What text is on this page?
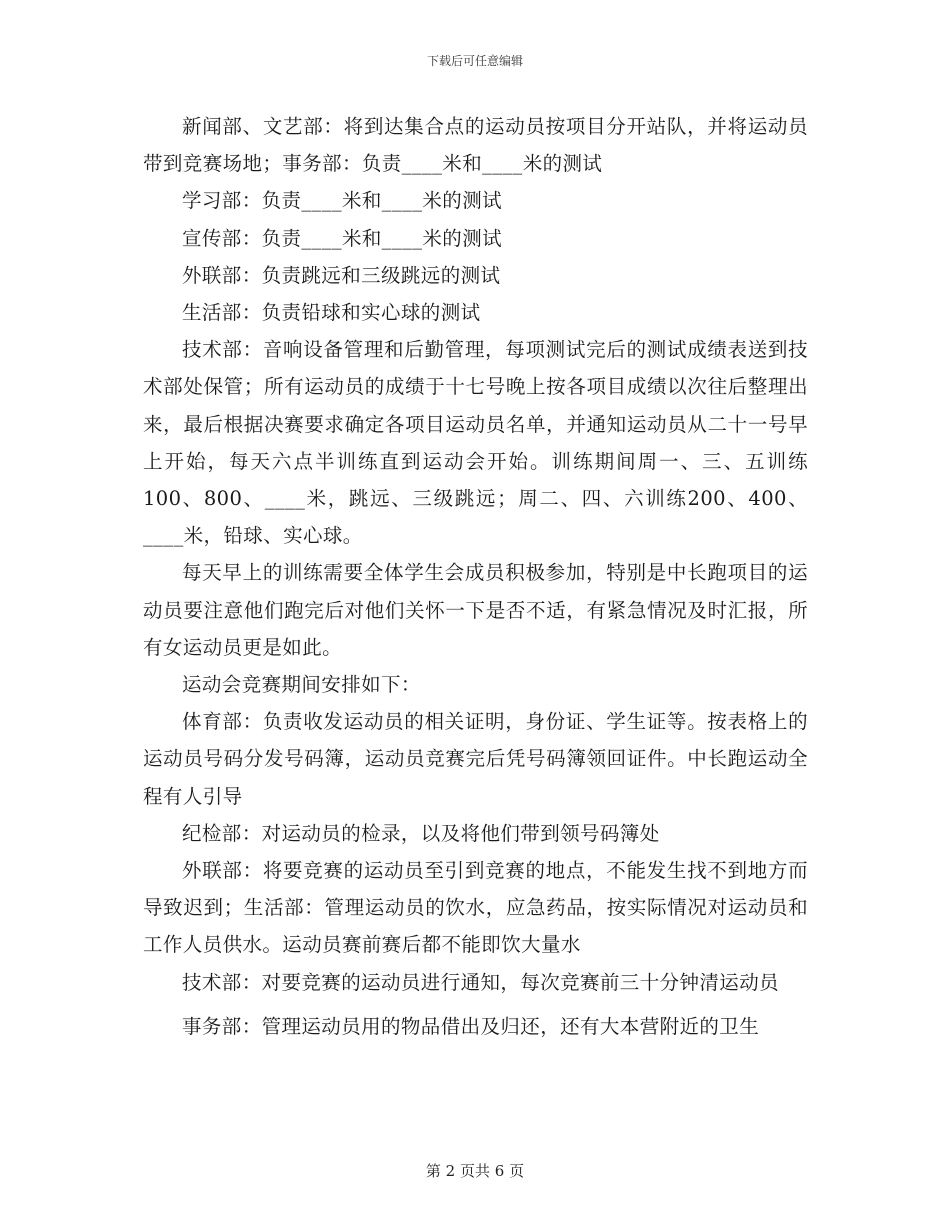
下载后可任意编辑

新闻部、文艺部：将到达集合点的运动员按项目分开站队，并将运动员带到竞赛场地；事务部：负责____米和____米的测试

学习部：负责____米和____米的测试

宣传部：负责____米和____米的测试

外联部：负责跳远和三级跳远的测试

生活部：负责铅球和实心球的测试

技术部：音响设备管理和后勤管理，每项测试完后的测试成绩表送到技术部处保管；所有运动员的成绩于十七号晚上按各项目成绩以次往后整理出来，最后根据决赛要求确定各项目运动员名单，并通知运动员从二十一号早上开始，每天六点半训练直到运动会开始。训练期间周一、三、五训练100、800、____米，跳远、三级跳远；周二、四、六训练200、400、____米，铅球、实心球。

每天早上的训练需要全体学生会成员积极参加，特别是中长跑项目的运动员要注意他们跑完后对他们关怀一下是否不适，有紧急情况及时汇报，所有女运动员更是如此。

运动会竞赛期间安排如下：

体育部：负责收发运动员的相关证明，身份证、学生证等。按表格上的运动员号码分发号码簿，运动员竞赛完后凭号码簿领回证件。中长跑运动全程有人引导

纪检部：对运动员的检录，以及将他们带到领号码簿处

外联部：将要竞赛的运动员至引到竞赛的地点，不能发生找不到地方而导致迟到；生活部：管理运动员的饮水，应急药品，按实际情况对运动员和工作人员供水。运动员赛前赛后都不能即饮大量水

技术部：对要竞赛的运动员进行通知，每次竞赛前三十分钟清运动员

事务部：管理运动员用的物品借出及归还，还有大本营附近的卫生

第 2 页共 6 页
